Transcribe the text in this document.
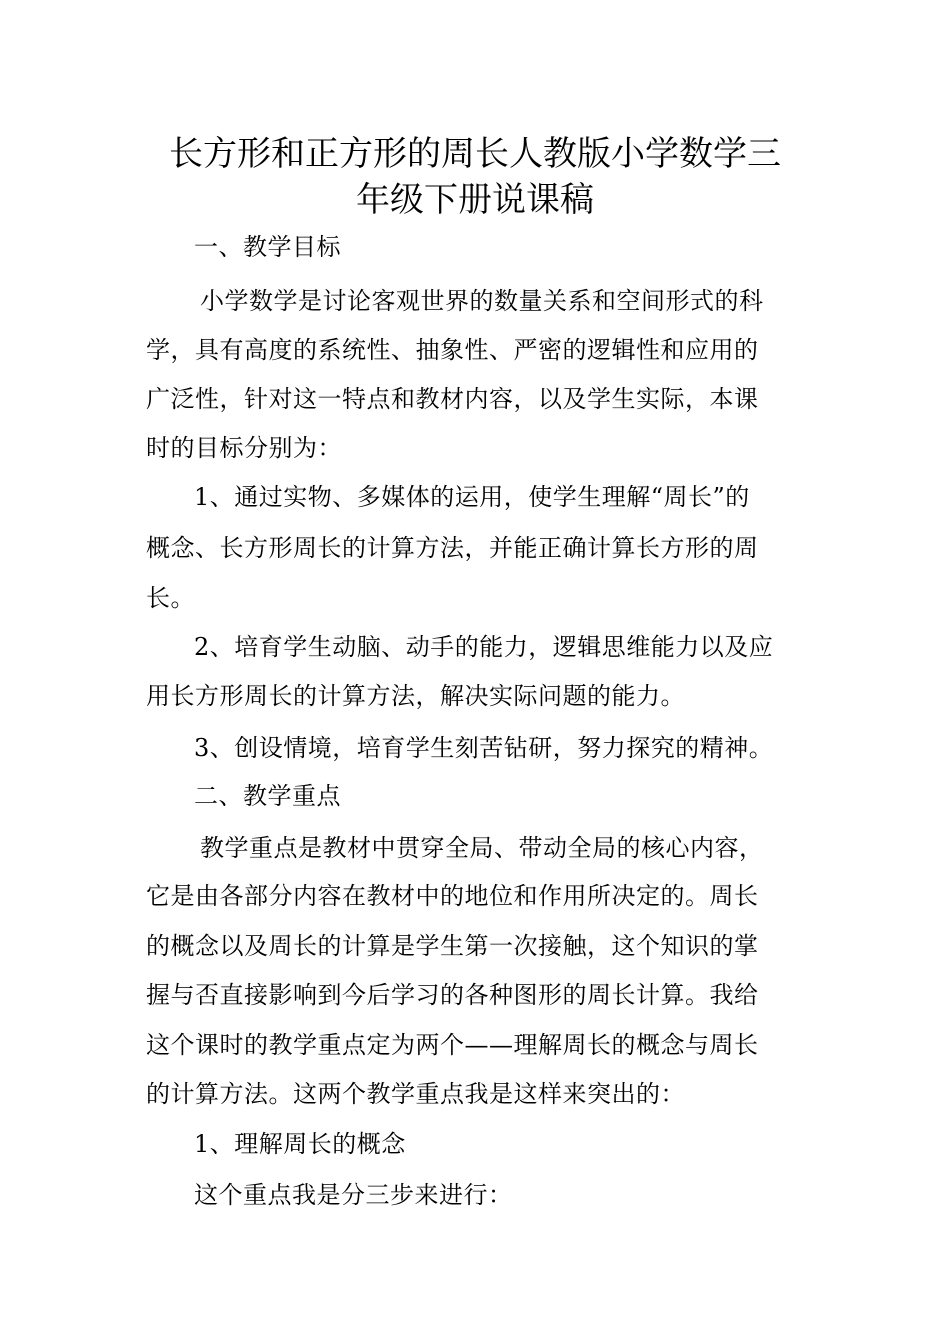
长方形和正方形的周长人教版小学数学三
年级下册说课稿
一、教学目标
小学数学是讨论客观世界的数量关系和空间形式的科
学，具有高度的系统性、抽象性、严密的逻辑性和应用的
广泛性，针对这一特点和教材内容，以及学生实际，本课
时的目标分别为：
1、通过实物、多媒体的运用，使学生理解“周长”的
概念、长方形周长的计算方法，并能正确计算长方形的周
长。
2、培育学生动脑、动手的能力，逻辑思维能力以及应
用长方形周长的计算方法，解决实际问题的能力。
3、创设情境，培育学生刻苦钻研，努力探究的精神。
二、教学重点
教学重点是教材中贯穿全局、带动全局的核心内容，
它是由各部分内容在教材中的地位和作用所决定的。周长
的概念以及周长的计算是学生第一次接触，这个知识的掌
握与否直接影响到今后学习的各种图形的周长计算。我给
这个课时的教学重点定为两个——理解周长的概念与周长
的计算方法。这两个教学重点我是这样来突出的：
1、理解周长的概念
这个重点我是分三步来进行：
